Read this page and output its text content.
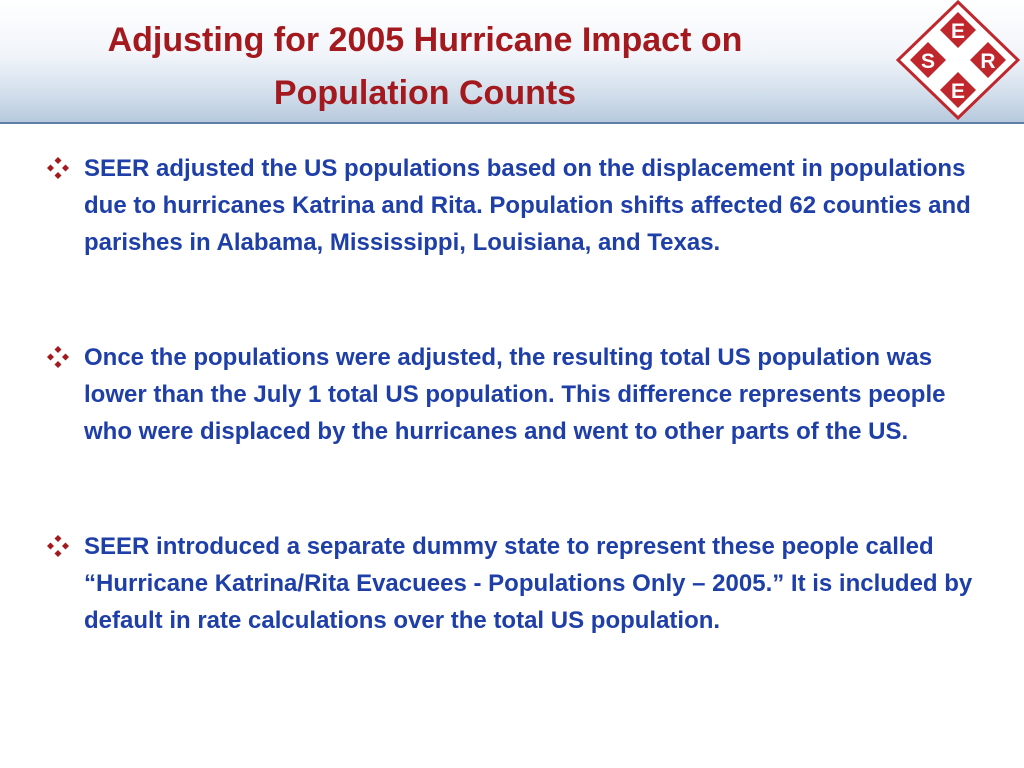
Adjusting for 2005 Hurricane Impact on
Population Counts
E
S R
E
SEER adjusted the US populations based on the displacement in populations due to hurricanes Katrina and Rita. Population shifts affected 62 counties and parishes in Alabama, Mississippi, Louisiana, and Texas.
Once the populations were adjusted, the resulting total US population was lower than the July 1 total US population. This difference represents people who were displaced by the hurricanes and went to other parts of the US.
SEER introduced a separate dummy state to represent these people called “Hurricane Katrina/Rita Evacuees - Populations Only – 2005.” It is included by default in rate calculations over the total US population.
